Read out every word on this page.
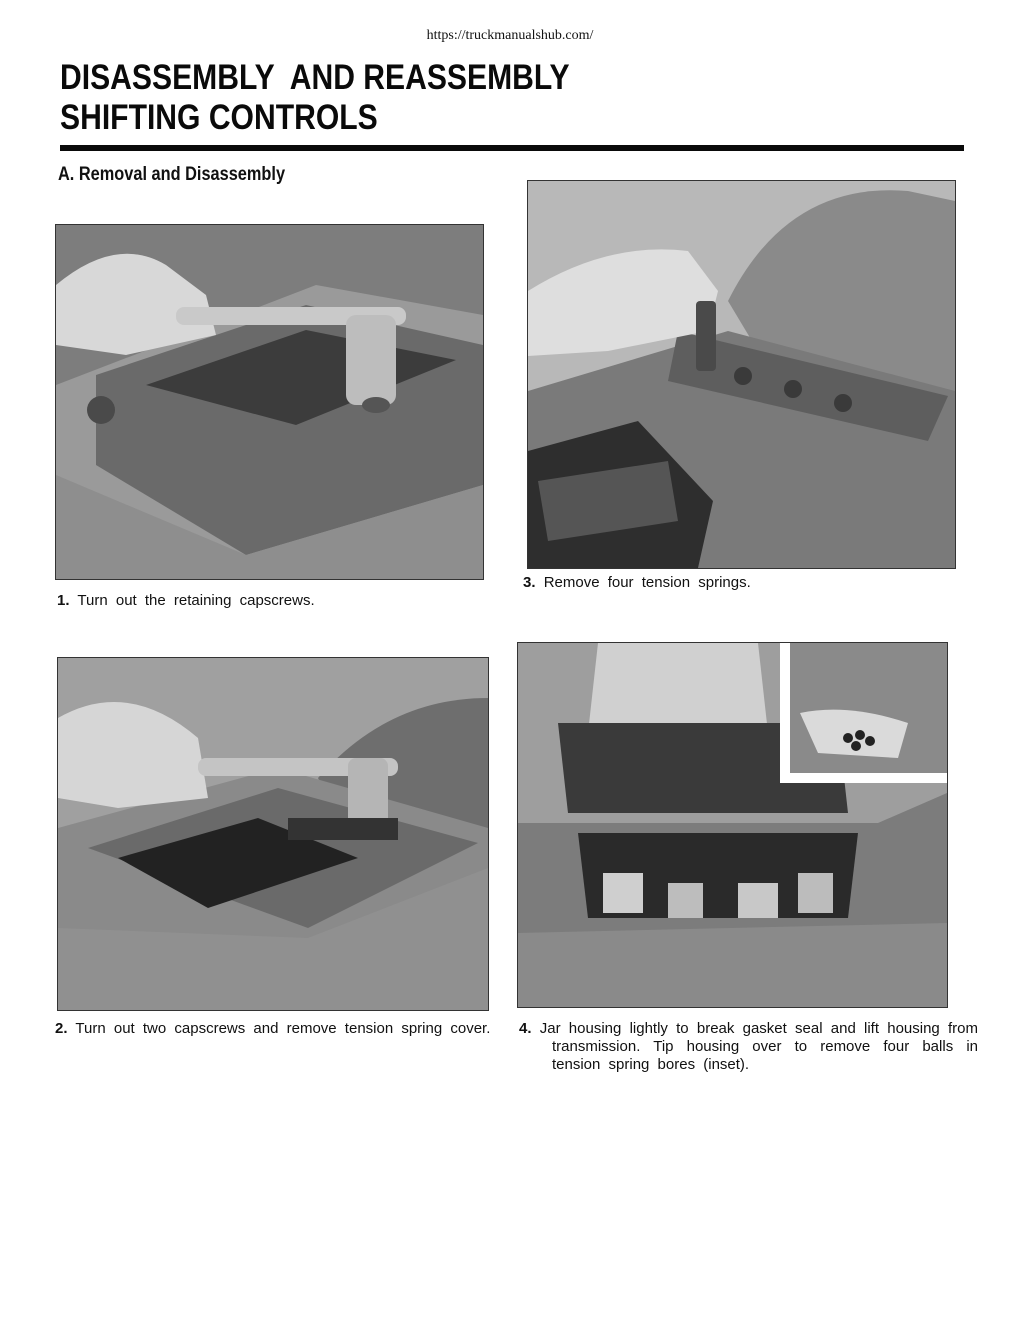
https://truckmanualshub.com/
DISASSEMBLY  AND REASSEMBLY
SHIFTING CONTROLS
A. Removal and Disassembly
1. Turn out the retaining capscrews.
3. Remove four tension springs.
2. Turn out two capscrews and remove tension spring cover.	4. Jar housing lightly to break gasket seal and lift housing from transmission. Tip housing over to remove four balls in tension spring bores (inset).
